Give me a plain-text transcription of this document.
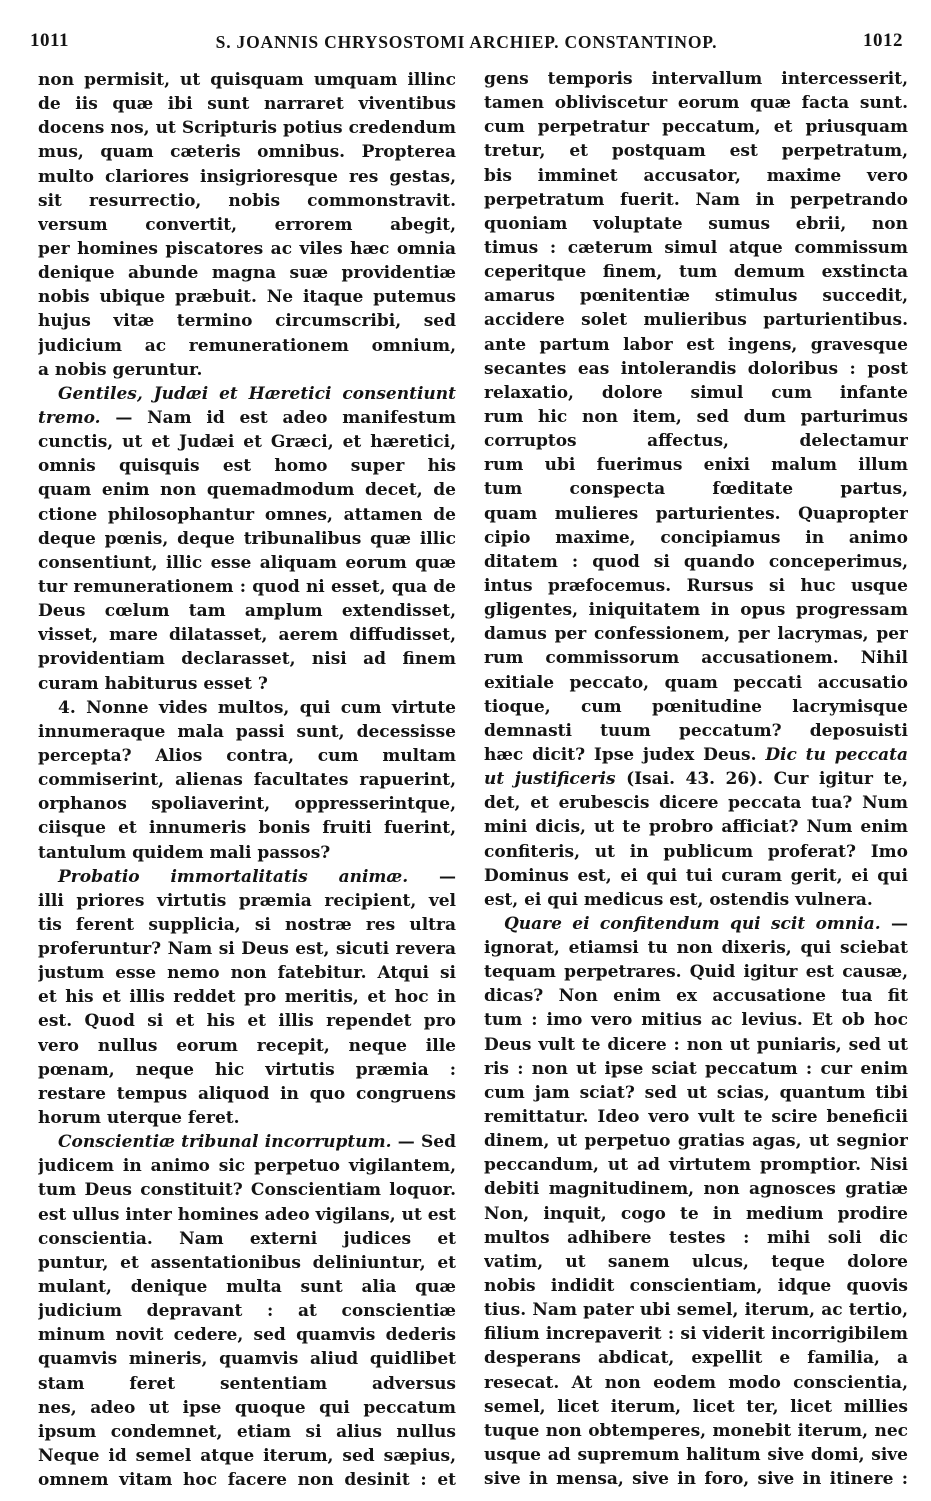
1011	S. JOANNIS CHRYSOSTOMI ARCHIEP. CONSTANTINOP.	1012
non permisit, ut quisquam umquam illinc
de iis quæ ibi sunt narraret viventibus
docens nos, ut Scripturis potius credendum
mus, quam cæteris omnibus. Propterea
multo clariores insigrioresque res gestas,
sit resurrectio, nobis commonstravit.
versum convertit, errorem abegit,
per homines piscatores ac viles hæc omnia
denique abunde magna suæ providentiæ
nobis ubique præbuit. Ne itaque putemus
hujus vitæ termino circumscribi, sed
judicium ac remunerationem omnium,
a nobis geruntur.
Gentiles, Judæi et Hæretici consentiunt
tremo. — Nam id est adeo manifestum
cunctis, ut et Judæi et Græci, et hæretici,
omnis quisquis est homo super his
quam enim non quemadmodum decet, de
ctione philosophantur omnes, attamen de
deque pœnis, deque tribunalibus quæ illic
consentiunt, illic esse aliquam eorum quæ
tur remunerationem : quod ni esset, qua de
Deus cœlum tam amplum extendisset,
visset, mare dilatasset, aerem diffudisset,
providentiam declarasset, nisi ad finem
curam habiturus esset ?
4. Nonne vides multos, qui cum virtute
innumeraque mala passi sunt, decessisse
percepta? Alios contra, cum multam
commiserint, alienas facultates rapuerint,
orphanos spoliaverint, oppresserintque,
ciisque et innumeris bonis fruiti fuerint,
tantulum quidem mali passos?
Probatio immortalitatis animæ. —
illi priores virtutis præmia recipient, vel
tis ferent supplicia, si nostræ res ultra
proferuntur? Nam si Deus est, sicuti revera
justum esse nemo non fatebitur. Atqui si
et his et illis reddet pro meritis, et hoc in
est. Quod si et his et illis rependet pro
vero nullus eorum recepit, neque ille
pœnam, neque hic virtutis præmia :
restare tempus aliquod in quo congruens
horum uterque feret.
Conscientiæ tribunal incorruptum. — Sed
judicem in animo sic perpetuo vigilantem,
tum Deus constituit? Conscientiam loquor.
est ullus inter homines adeo vigilans, ut est
conscientia. Nam externi judices et
puntur, et assentationibus deliniuntur, et
mulant, denique multa sunt alia quæ
judicium depravant : at conscientiæ
minum novit cedere, sed quamvis dederis
quamvis mineris, quamvis aliud quidlibet
stam feret sententiam adversus
nes, adeo ut ipse quoque qui peccatum
ipsum condemnet, etiam si alius nullus
Neque id semel atque iterum, sed sæpius,
omnem vitam hoc facere non desinit : et
gens temporis intervallum intercesserit,
tamen obliviscetur eorum quæ facta sunt.
cum perpetratur peccatum, et priusquam
tretur, et postquam est perpetratum,
bis imminet accusator, maxime vero
perpetratum fuerit. Nam in perpetrando
quoniam voluptate sumus ebrii, non
timus : cæterum simul atque commissum
ceperitque finem, tum demum exstincta
amarus pœnitentiæ stimulus succedit,
accidere solet mulieribus parturientibus.
ante partum labor est ingens, gravesque
secantes eas intolerandis doloribus : post
relaxatio, dolore simul cum infante
rum hic non item, sed dum parturimus
corruptos affectus, delectamur
rum ubi fuerimus enixi malum illum
tum conspecta fœditate partus,
quam mulieres parturientes. Quapropter
cipio maxime, concipiamus in animo
ditatem : quod si quando conceperimus,
intus præfocemus. Rursus si huc usque
gligentes, iniquitatem in opus progressam
damus per confessionem, per lacrymas, per
rum commissorum accusationem. Nihil
exitiale peccato, quam peccati accusatio
tioque, cum pœnitudine lacrymisque
demnasti tuum peccatum? deposuisti
hæc dicit? Ipse judex Deus. Dic tu peccata
ut justificeris (Isai. 43. 26). Cur igitur te,
det, et erubescis dicere peccata tua? Num
mini dicis, ut te probro afficiat? Num enim
confiteris, ut in publicum proferat? Imo
Dominus est, ei qui tui curam gerit, ei qui
est, ei qui medicus est, ostendis vulnera.
Quare ei confitendum qui scit omnia. —
ignorat, etiamsi tu non dixeris, qui sciebat
tequam perpetrares. Quid igitur est causæ,
dicas? Non enim ex accusatione tua fit
tum : imo vero mitius ac levius. Et ob hoc
Deus vult te dicere : non ut puniaris, sed ut
ris : non ut ipse sciat peccatum : cur enim
cum jam sciat? sed ut scias, quantum tibi
remittatur. Ideo vero vult te scire beneficii
dinem, ut perpetuo gratias agas, ut segnior
peccandum, ut ad virtutem promptior. Nisi
debiti magnitudinem, non agnosces gratiæ
Non, inquit, cogo te in medium prodire
multos adhibere testes : mihi soli dic
vatim, ut sanem ulcus, teque dolore
nobis indidit conscientiam, idque quovis
tius. Nam pater ubi semel, iterum, ac tertio,
filium increpaverit : si viderit incorrigibilem
desperans abdicat, expellit e familia, a
resecat. At non eodem modo conscientia,
semel, licet iterum, licet ter, licet millies
tuque non obtemperes, monebit iterum, nec
usque ad supremum halitum sive domi, sive
sive in mensa, sive in foro, sive in itinere :
